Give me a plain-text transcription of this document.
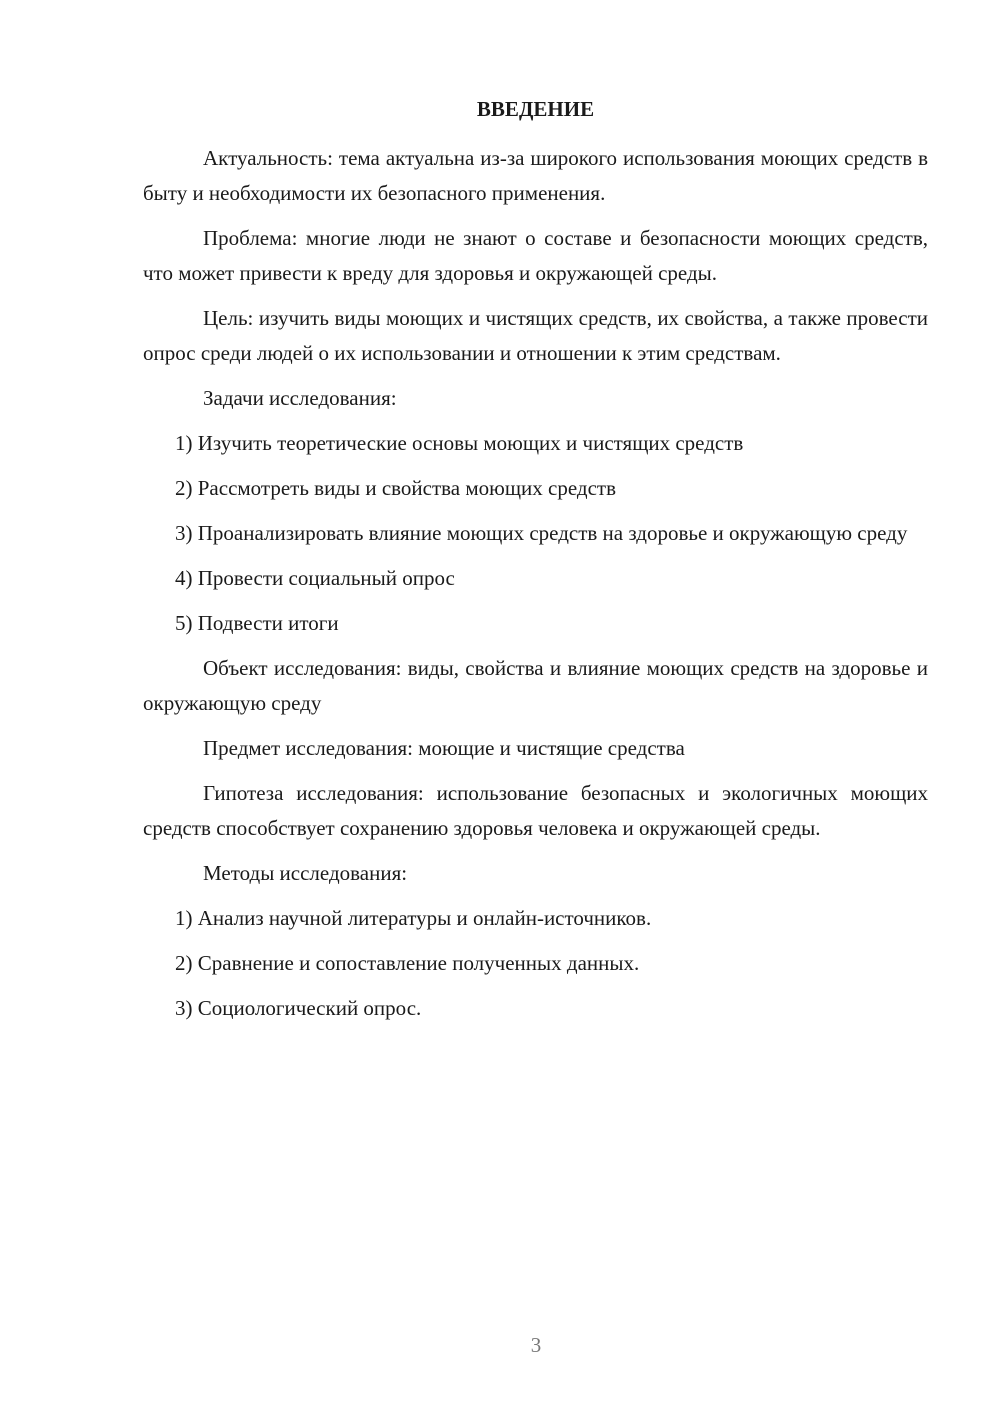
ВВЕДЕНИЕ

Актуальность: тема актуальна из-за широкого использования моющих средств в быту и необходимости их безопасного применения.

Проблема: многие люди не знают о составе и безопасности моющих средств, что может привести к вреду для здоровья и окружающей среды.

Цель: изучить виды моющих и чистящих средств, их свойства, а также провести опрос среди людей о их использовании и отношении к этим средствам.

Задачи исследования:

1) Изучить теоретические основы моющих и чистящих средств

2) Рассмотреть виды и свойства моющих средств

3) Проанализировать влияние моющих средств на здоровье и окружающую среду

4) Провести социальный опрос

5) Подвести итоги

Объект исследования: виды, свойства и влияние моющих средств на здоровье и окружающую среду

Предмет исследования: моющие и чистящие средства

Гипотеза исследования: использование безопасных и экологичных моющих средств способствует сохранению здоровья человека и окружающей среды.

Методы исследования:

1) Анализ научной литературы и онлайн-источников.

2) Сравнение и сопоставление полученных данных.

3) Социологический опрос.

3
